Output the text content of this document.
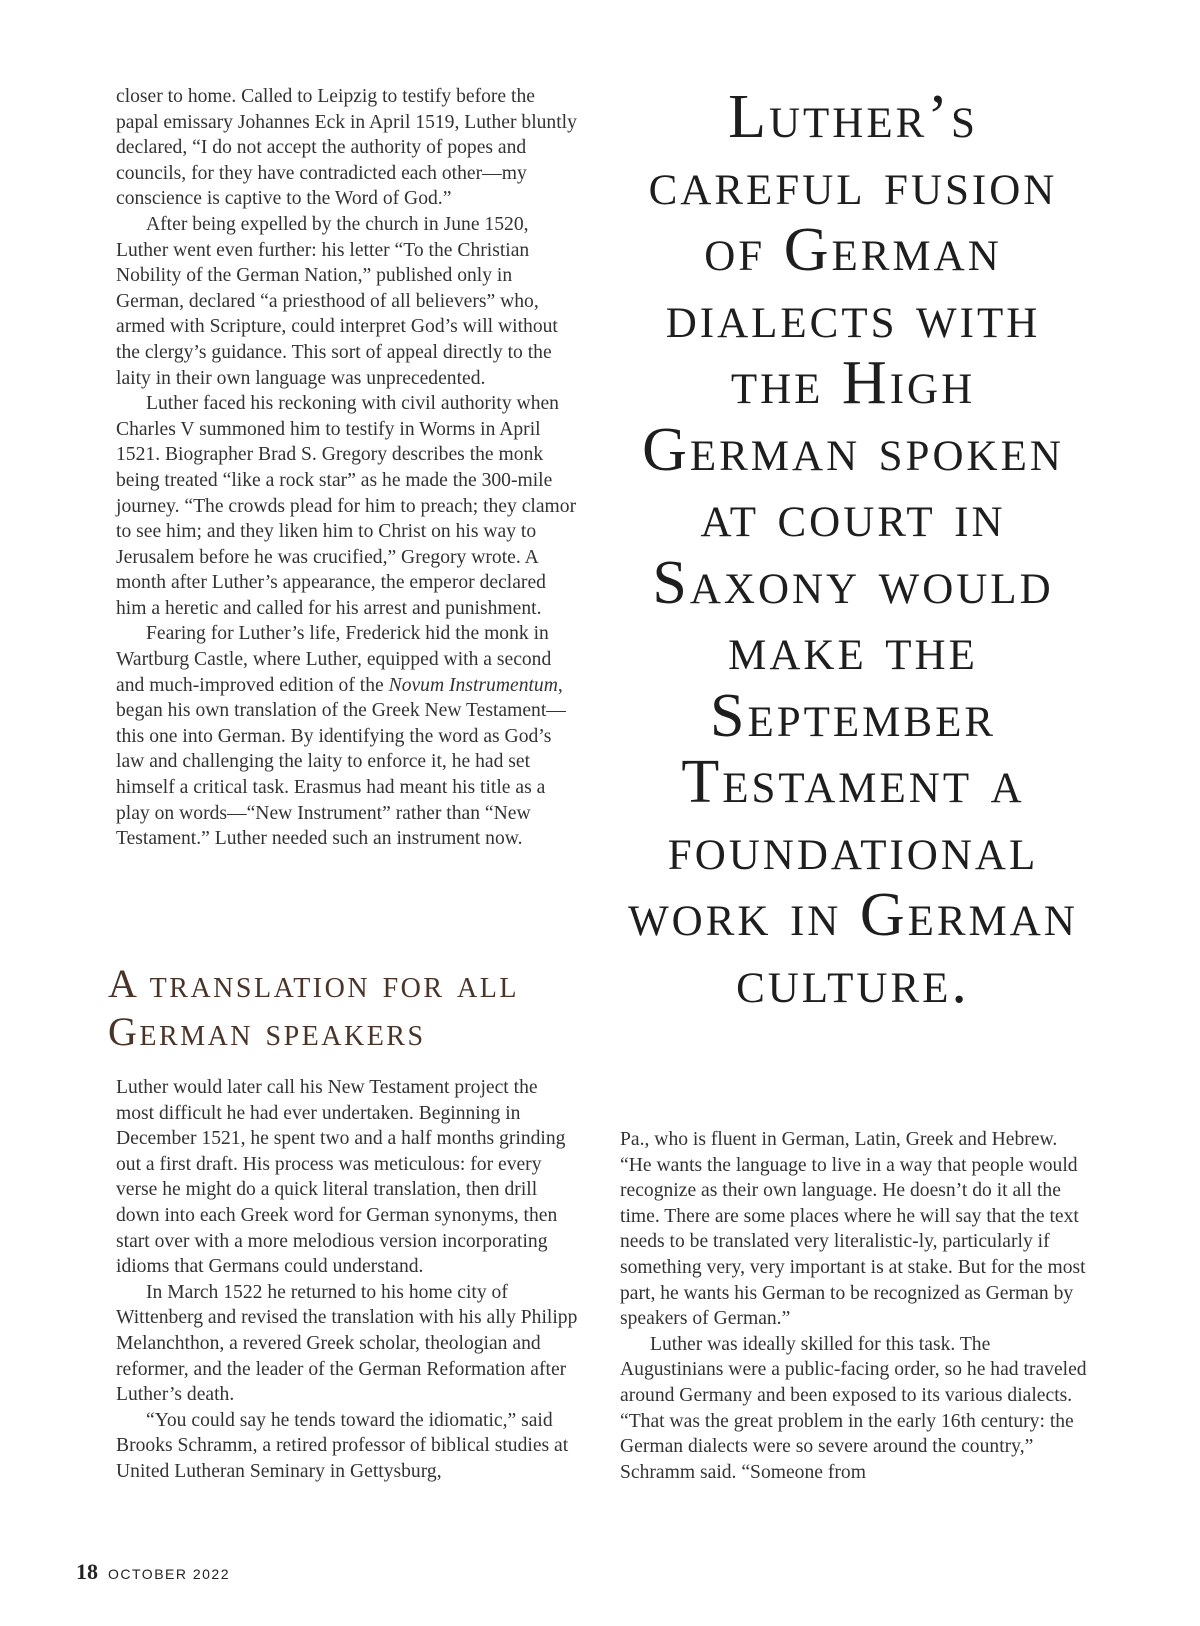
closer to home. Called to Leipzig to testify before the papal emissary Johannes Eck in April 1519, Luther bluntly declared, “I do not accept the authority of popes and councils, for they have contradicted each other—my conscience is captive to the Word of God.”

After being expelled by the church in June 1520, Luther went even further: his letter “To the Christian Nobility of the German Nation,” published only in German, declared “a priesthood of all believers” who, armed with Scripture, could interpret God’s will without the clergy’s guidance. This sort of appeal directly to the laity in their own language was unprecedented.

Luther faced his reckoning with civil authority when Charles V summoned him to testify in Worms in April 1521. Biographer Brad S. Gregory describes the monk being treated “like a rock star” as he made the 300-mile journey. “The crowds plead for him to preach; they clamor to see him; and they liken him to Christ on his way to Jerusalem before he was crucified,” Gregory wrote. A month after Luther’s appearance, the emperor declared him a heretic and called for his arrest and punishment.

Fearing for Luther’s life, Frederick hid the monk in Wartburg Castle, where Luther, equipped with a second and much-improved edition of the Novum Instrumentum, began his own translation of the Greek New Testament—this one into German. By identifying the word as God’s law and challenging the laity to enforce it, he had set himself a critical task. Erasmus had meant his title as a play on words—“New Instrument” rather than “New Testament.” Luther needed such an instrument now.

A translation for all German speakers

Luther would later call his New Testament project the most difficult he had ever undertaken. Beginning in December 1521, he spent two and a half months grinding out a first draft. His process was meticulous: for every verse he might do a quick literal translation, then drill down into each Greek word for German synonyms, then start over with a more melodious version incorporating idioms that Germans could understand.

In March 1522 he returned to his home city of Wittenberg and revised the translation with his ally Philipp Melanchthon, a revered Greek scholar, theologian and reformer, and the leader of the German Reformation after Luther’s death.

“You could say he tends toward the idiomatic,” said Brooks Schramm, a retired professor of biblical studies at United Lutheran Seminary in Gettysburg,

Luther’s careful fusion of German dialects with the High German spoken at court in Saxony would make the September Testament a foundational work in German culture.

Pa., who is fluent in German, Latin, Greek and Hebrew. “He wants the language to live in a way that people would recognize as their own language. He doesn’t do it all the time. There are some places where he will say that the text needs to be translated very literalistic-ly, particularly if something very, very important is at stake. But for the most part, he wants his German to be recognized as German by speakers of German.”

Luther was ideally skilled for this task. The Augustinians were a public-facing order, so he had traveled around Germany and been exposed to its various dialects. “That was the great problem in the early 16th century: the German dialects were so severe around the country,” Schramm said. “Someone from

18 OCTOBER 2022
